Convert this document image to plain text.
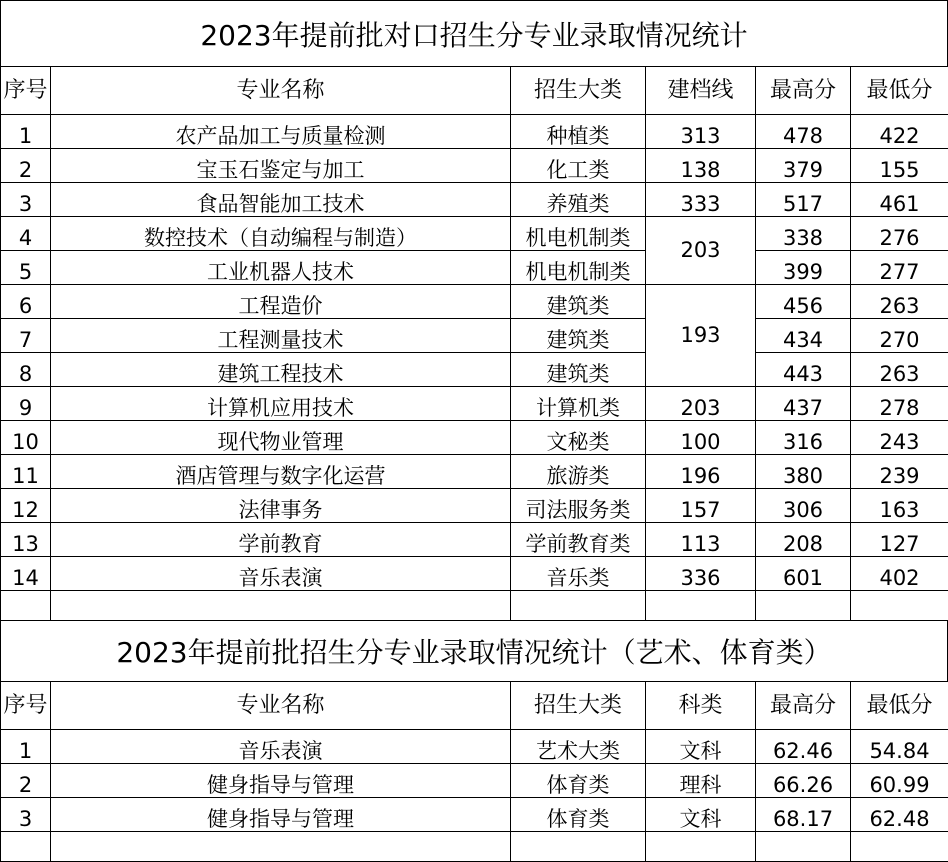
2023年提前批对口招生分专业录取情况统计
序号	专业名称	招生大类	建档线	最高分	最低分
1	农产品加工与质量检测	种植类	313	478	422
2	宝玉石鉴定与加工	化工类	138	379	155
3	食品智能加工技术	养殖类	333	517	461
4	数控技术（自动编程与制造）	机电机制类	203	338	276
5	工业机器人技术	机电机制类		399	277
6	工程造价	建筑类	193	456	263
7	工程测量技术	建筑类		434	270
8	建筑工程技术	建筑类		443	263
9	计算机应用技术	计算机类	203	437	278
10	现代物业管理	文秘类	100	316	243
11	酒店管理与数字化运营	旅游类	196	380	239
12	法律事务	司法服务类	157	306	163
13	学前教育	学前教育类	113	208	127
14	音乐表演	音乐类	336	601	402

2023年提前批招生分专业录取情况统计（艺术、体育类）
序号	专业名称	招生大类	科类	最高分	最低分
1	音乐表演	艺术大类	文科	62.46	54.84
2	健身指导与管理	体育类	理科	66.26	60.99
3	健身指导与管理	体育类	文科	68.17	62.48
